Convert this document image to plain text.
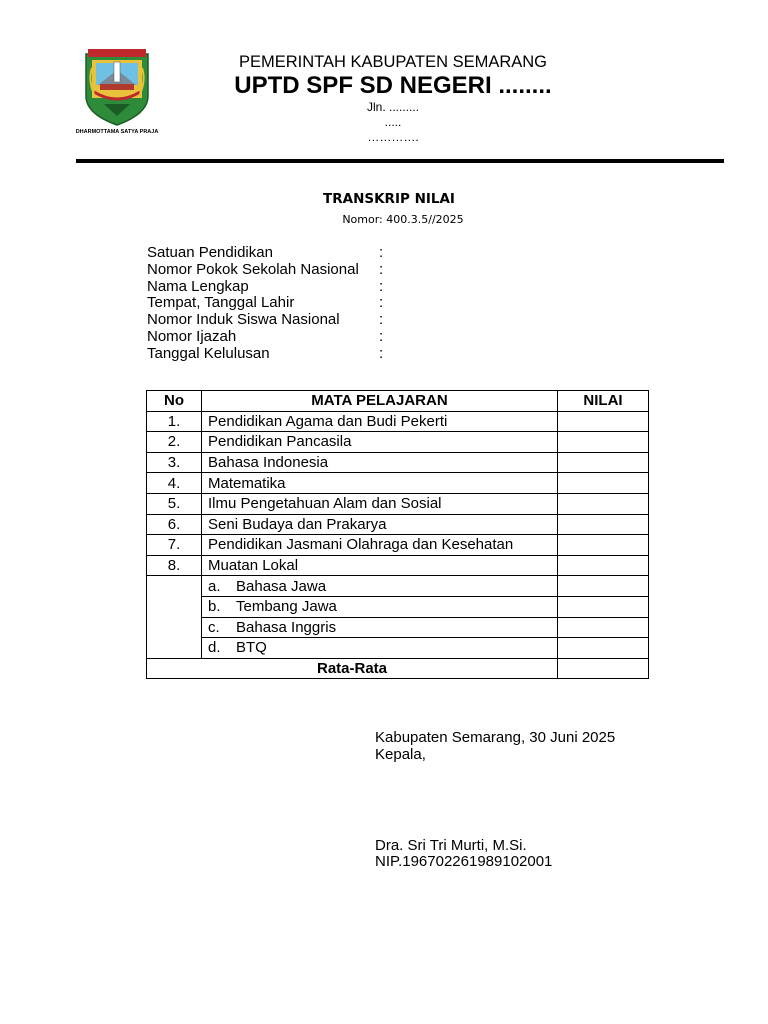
DHARMOTTAMA SATYA PRAJA
PEMERINTAH KABUPATEN SEMARANG
UPTD SPF SD NEGERI ........
Jln. .........
.....
………….
TRANSKRIP NILAI
Nomor: 400.3.5//2025
Satuan Pendidikan	:
Nomor Pokok Sekolah Nasional	:
Nama Lengkap	:
Tempat, Tanggal Lahir	:
Nomor Induk Siswa Nasional	:
Nomor Ijazah	:
Tanggal Kelulusan	:
No	MATA PELAJARAN	NILAI
1.	Pendidikan Agama dan Budi Pekerti	
2.	Pendidikan Pancasila	
3.	Bahasa Indonesia	
4.	Matematika	
5.	Ilmu Pengetahuan Alam dan Sosial	
6.	Seni Budaya dan Prakarya	
7.	Pendidikan Jasmani Olahraga dan Kesehatan	
8.	Muatan Lokal	
	a. Bahasa Jawa	
	b. Tembang Jawa	
	c. Bahasa Inggris	
	d. BTQ	
Rata-Rata		
Kabupaten Semarang, 30 Juni 2025
Kepala,
Dra. Sri Tri Murti, M.Si.
NIP.196702261989102001
